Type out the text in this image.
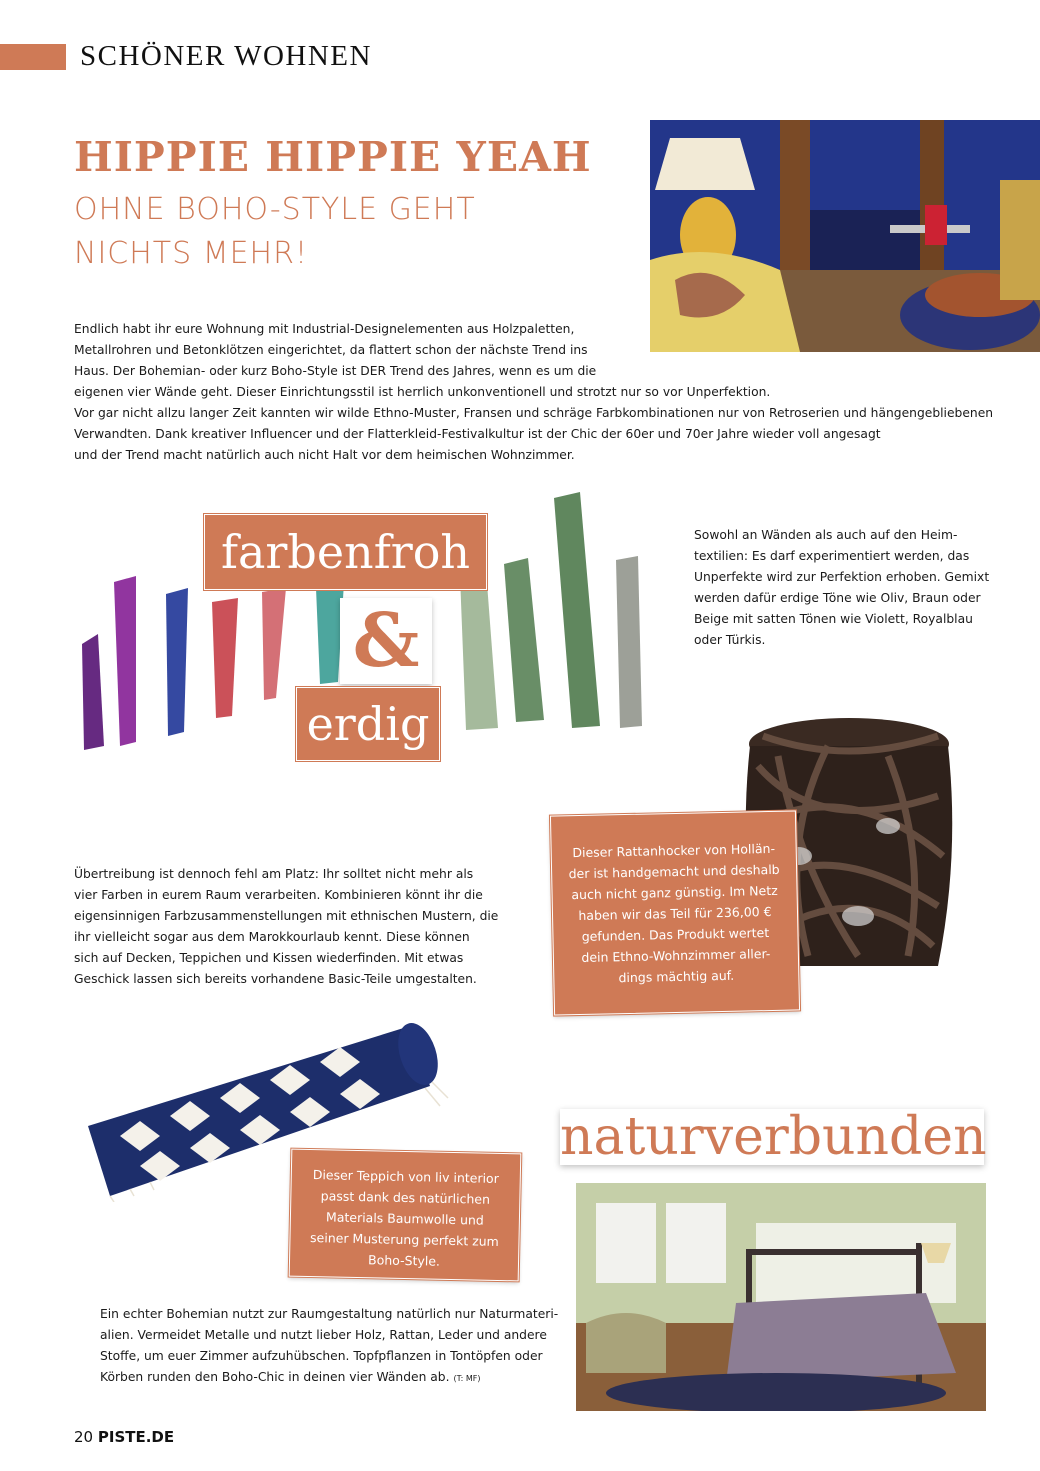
SCHÖNER WOHNEN
HIPPIE HIPPIE YEAH
OHNE BOHO-STYLE GEHT
NICHTS MEHR!
Endlich habt ihr eure Wohnung mit Industrial-Designelementen aus Holzpaletten,
Metallrohren und Betonklötzen eingerichtet, da flattert schon der nächste Trend ins
Haus. Der Bohemian- oder kurz Boho-Style ist DER Trend des Jahres, wenn es um die
eigenen vier Wände geht. Dieser Einrichtungsstil ist herrlich unkonventionell und strotzt nur so vor Unperfektion.
Vor gar nicht allzu langer Zeit kannten wir wilde Ethno-Muster, Fransen und schräge Farbkombinationen nur von Retroserien und hängengebliebenen
Verwandten. Dank kreativer Influencer und der Flatterkleid-Festivalkultur ist der Chic der 60er und 70er Jahre wieder voll angesagt
und der Trend macht natürlich auch nicht Halt vor dem heimischen Wohnzimmer.
farbenfroh
&
erdig
Sowohl an Wänden als auch auf den Heim-
textilien: Es darf experimentiert werden, das
Unperfekte wird zur Perfektion erhoben. Gemixt
werden dafür erdige Töne wie Oliv, Braun oder
Beige mit satten Tönen wie Violett, Royalblau
oder Türkis.
Dieser Rattanhocker von Hollän-
der ist handgemacht und deshalb
auch nicht ganz günstig. Im Netz
haben wir das Teil für 236,00 €
gefunden. Das Produkt wertet
dein Ethno-Wohnzimmer aller-
dings mächtig auf.
Übertreibung ist dennoch fehl am Platz: Ihr solltet nicht mehr als
vier Farben in eurem Raum verarbeiten. Kombinieren könnt ihr die
eigensinnigen Farbzusammenstellungen mit ethnischen Mustern, die
ihr vielleicht sogar aus dem Marokkourlaub kennt. Diese können
sich auf Decken, Teppichen und Kissen wiederfinden. Mit etwas
Geschick lassen sich bereits vorhandene Basic-Teile umgestalten.
Dieser Teppich von liv interior
passt dank des natürlichen
Materials Baumwolle und
seiner Musterung perfekt zum
Boho-Style.
naturverbunden
Ein echter Bohemian nutzt zur Raumgestaltung natürlich nur Naturmateri-
alien. Vermeidet Metalle und nutzt lieber Holz, Rattan, Leder und andere
Stoffe, um euer Zimmer aufzuhübschen. Topfpflanzen in Tontöpfen oder
Körben runden den Boho-Chic in deinen vier Wänden ab. (T: MF)
20 PISTE.DE
